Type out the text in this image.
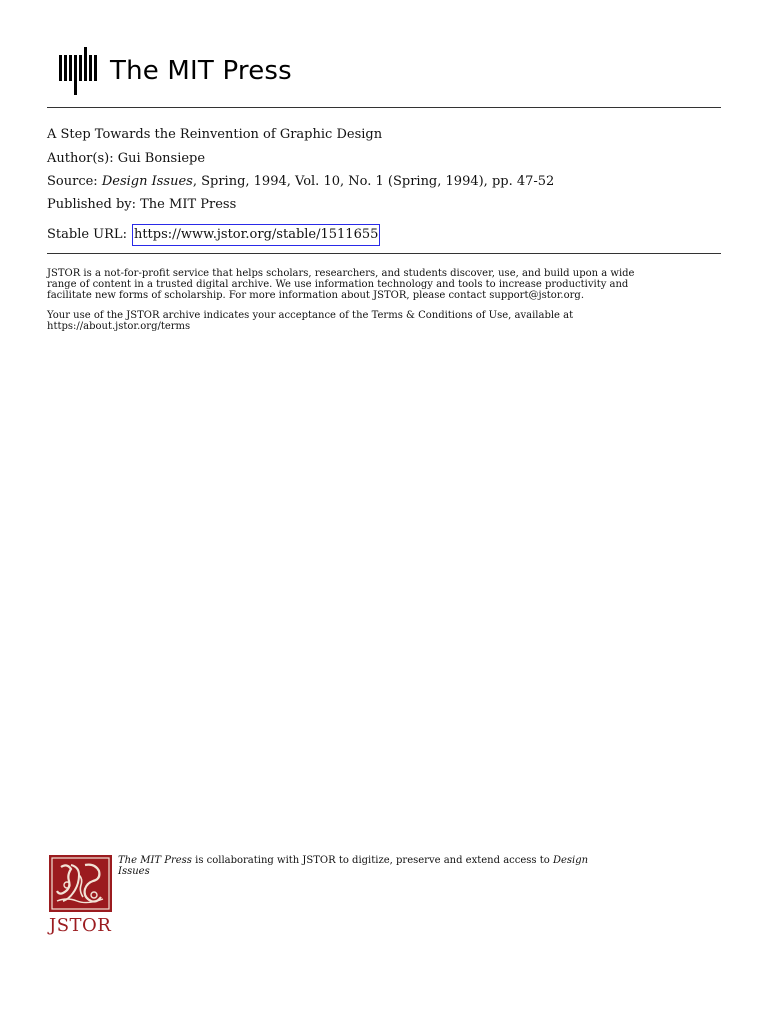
The MIT Press
A Step Towards the Reinvention of Graphic Design
Author(s): Gui Bonsiepe
Source: Design Issues, Spring, 1994, Vol. 10, No. 1 (Spring, 1994), pp. 47-52
Published by: The MIT Press
Stable URL: https://www.jstor.org/stable/1511655
JSTOR is a not-for-profit service that helps scholars, researchers, and students discover, use, and build upon a wide
range of content in a trusted digital archive. We use information technology and tools to increase productivity and
facilitate new forms of scholarship. For more information about JSTOR, please contact support@jstor.org.
Your use of the JSTOR archive indicates your acceptance of the Terms & Conditions of Use, available at
https://about.jstor.org/terms
JSTOR
The MIT Press is collaborating with JSTOR to digitize, preserve and extend access to Design
Issues
